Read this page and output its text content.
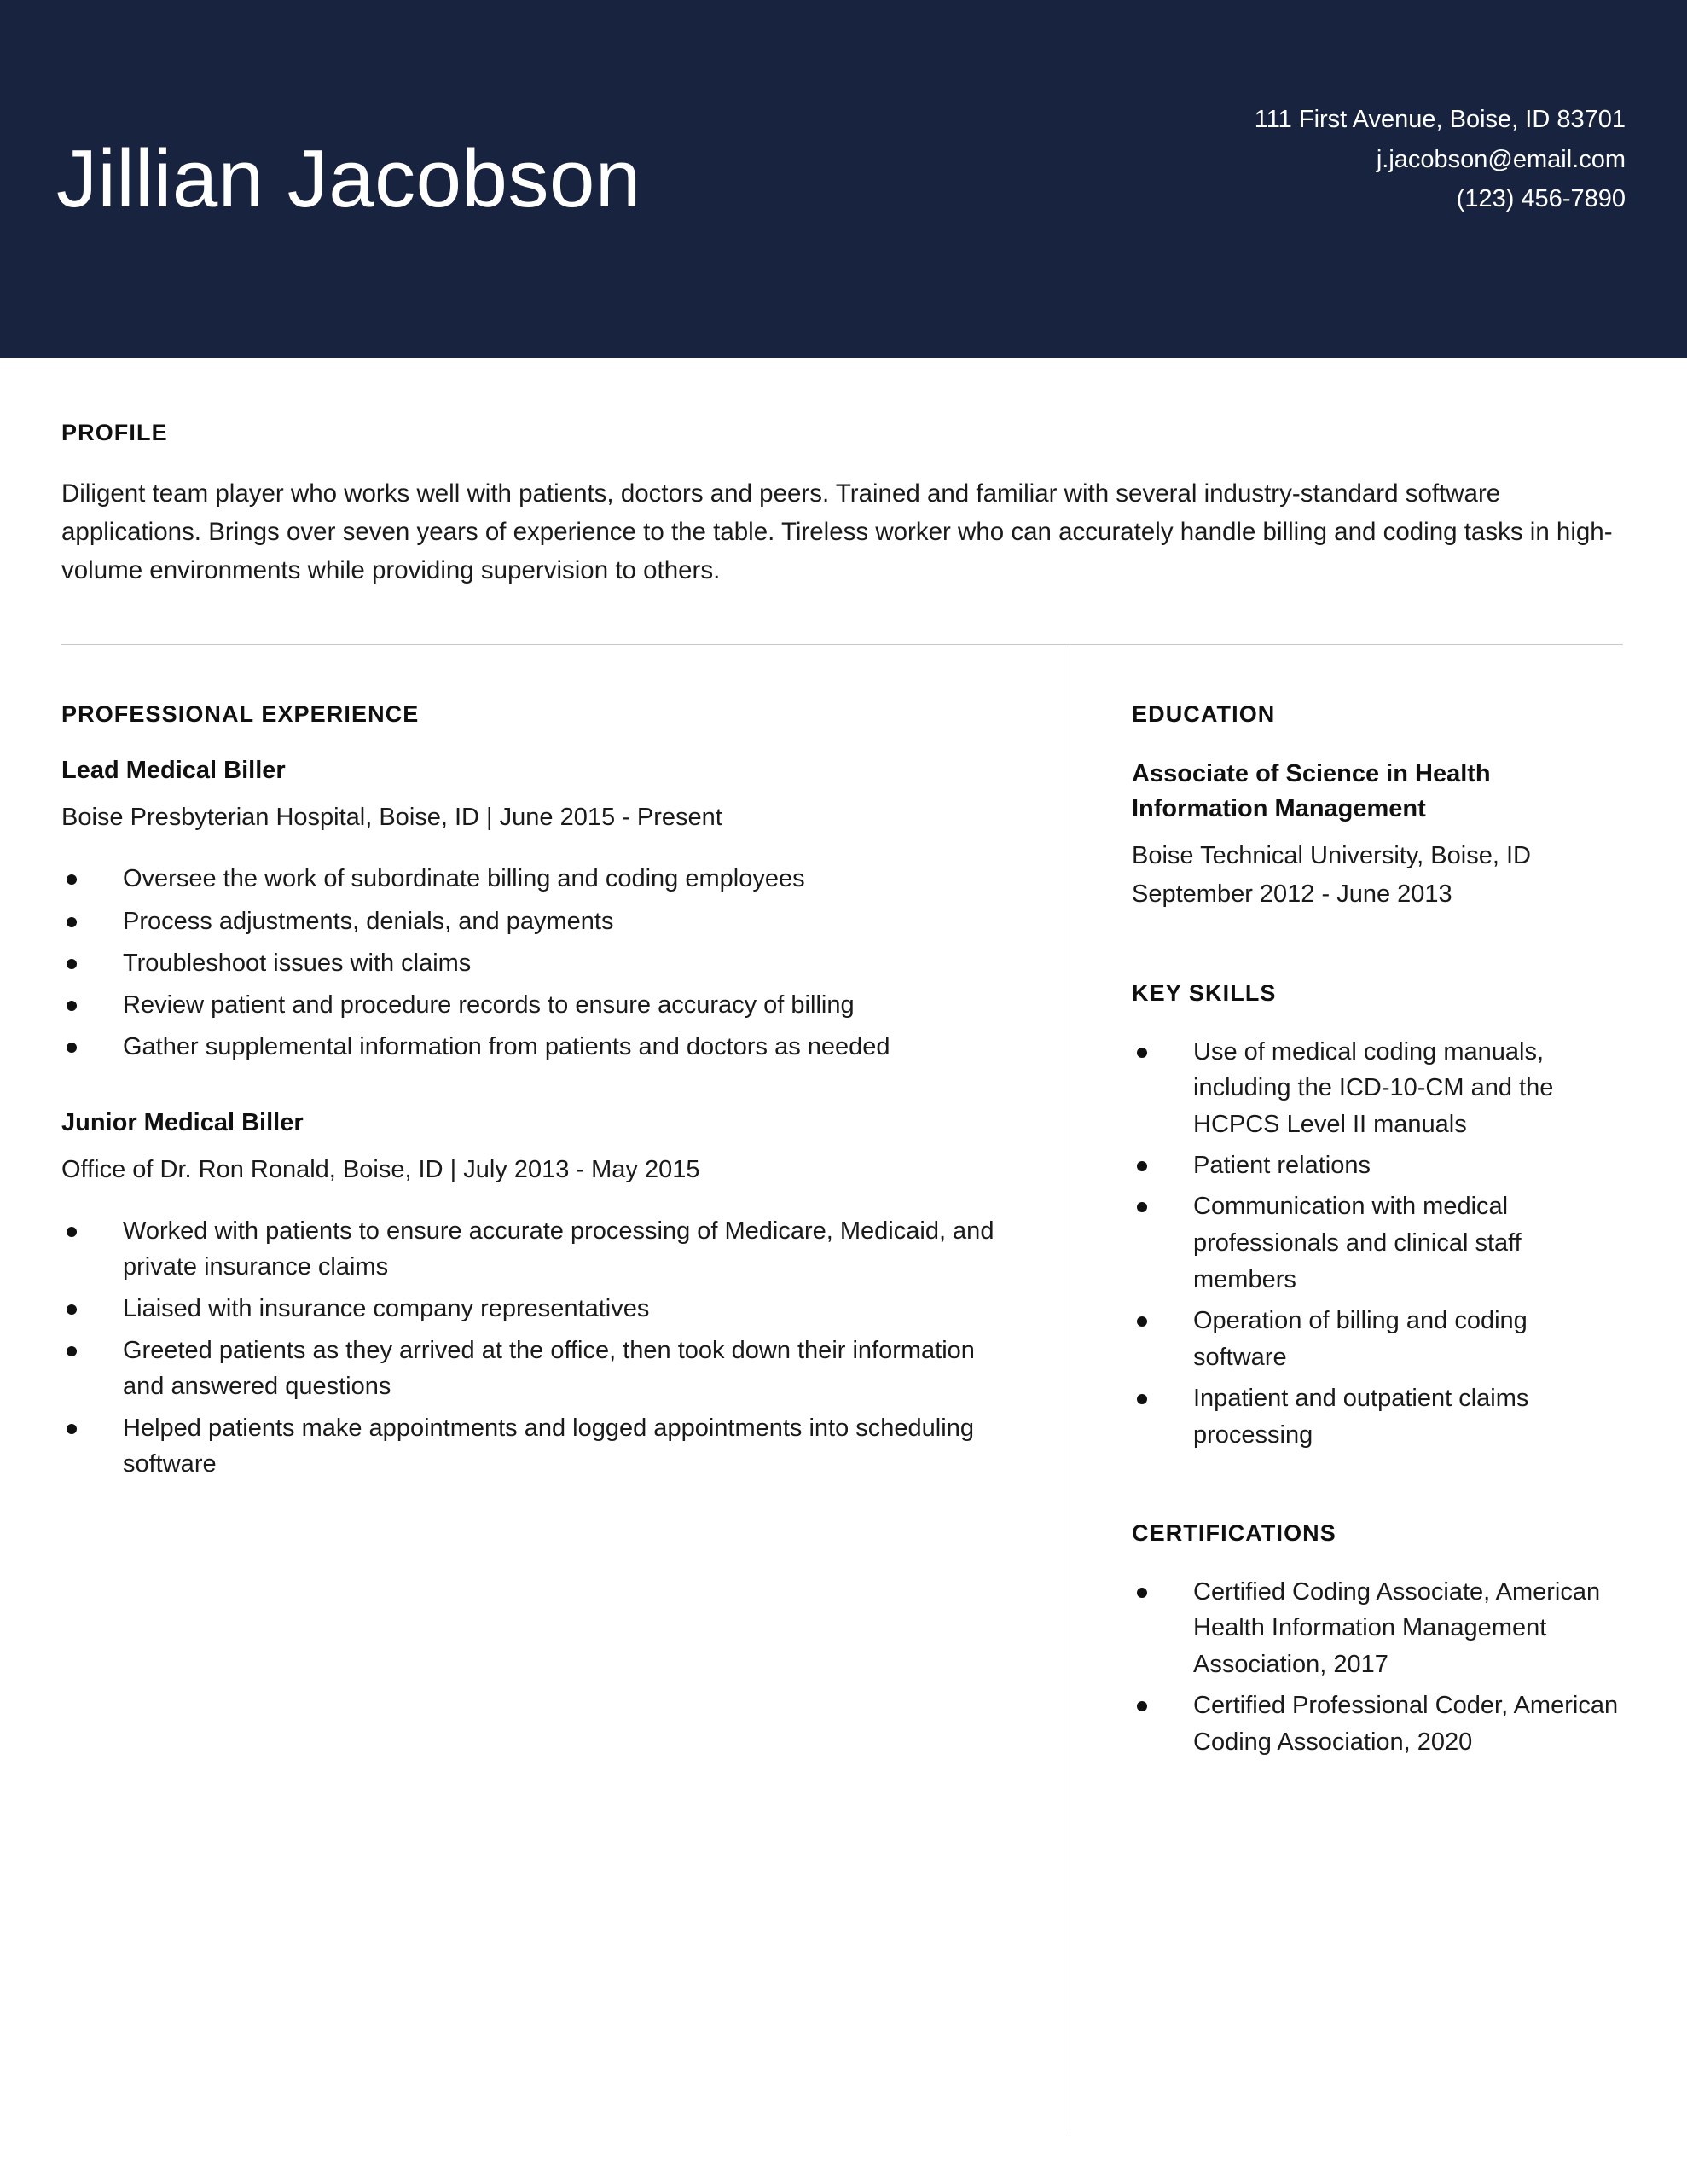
Jillian Jacobson
111 First Avenue, Boise, ID 83701
j.jacobson@email.com
(123) 456-7890
PROFILE

Diligent team player who works well with patients, doctors and peers. Trained and familiar with several industry-standard software applications. Brings over seven years of experience to the table. Tireless worker who can accurately handle billing and coding tasks in high-volume environments while providing supervision to others.

PROFESSIONAL EXPERIENCE
Lead Medical Biller
Boise Presbyterian Hospital, Boise, ID | June 2015 - Present
Oversee the work of subordinate billing and coding employees
Process adjustments, denials, and payments
Troubleshoot issues with claims
Review patient and procedure records to ensure accuracy of billing
Gather supplemental information from patients and doctors as needed
Junior Medical Biller
Office of Dr. Ron Ronald, Boise, ID | July 2013 - May 2015
Worked with patients to ensure accurate processing of Medicare, Medicaid, and private insurance claims
Liaised with insurance company representatives
Greeted patients as they arrived at the office, then took down their information and answered questions
Helped patients make appointments and logged appointments into scheduling software
EDUCATION
Associate of Science in Health Information Management

Boise Technical University, Boise, ID

September 2012 - June 2013

KEY SKILLS
Use of medical coding manuals, including the ICD-10-CM and the HCPCS Level II manuals
Patient relations
Communication with medical professionals and clinical staff members
Operation of billing and coding software
Inpatient and outpatient claims processing
CERTIFICATIONS
Certified Coding Associate, American Health Information Management Association, 2017
Certified Professional Coder, American Coding Association, 2020
